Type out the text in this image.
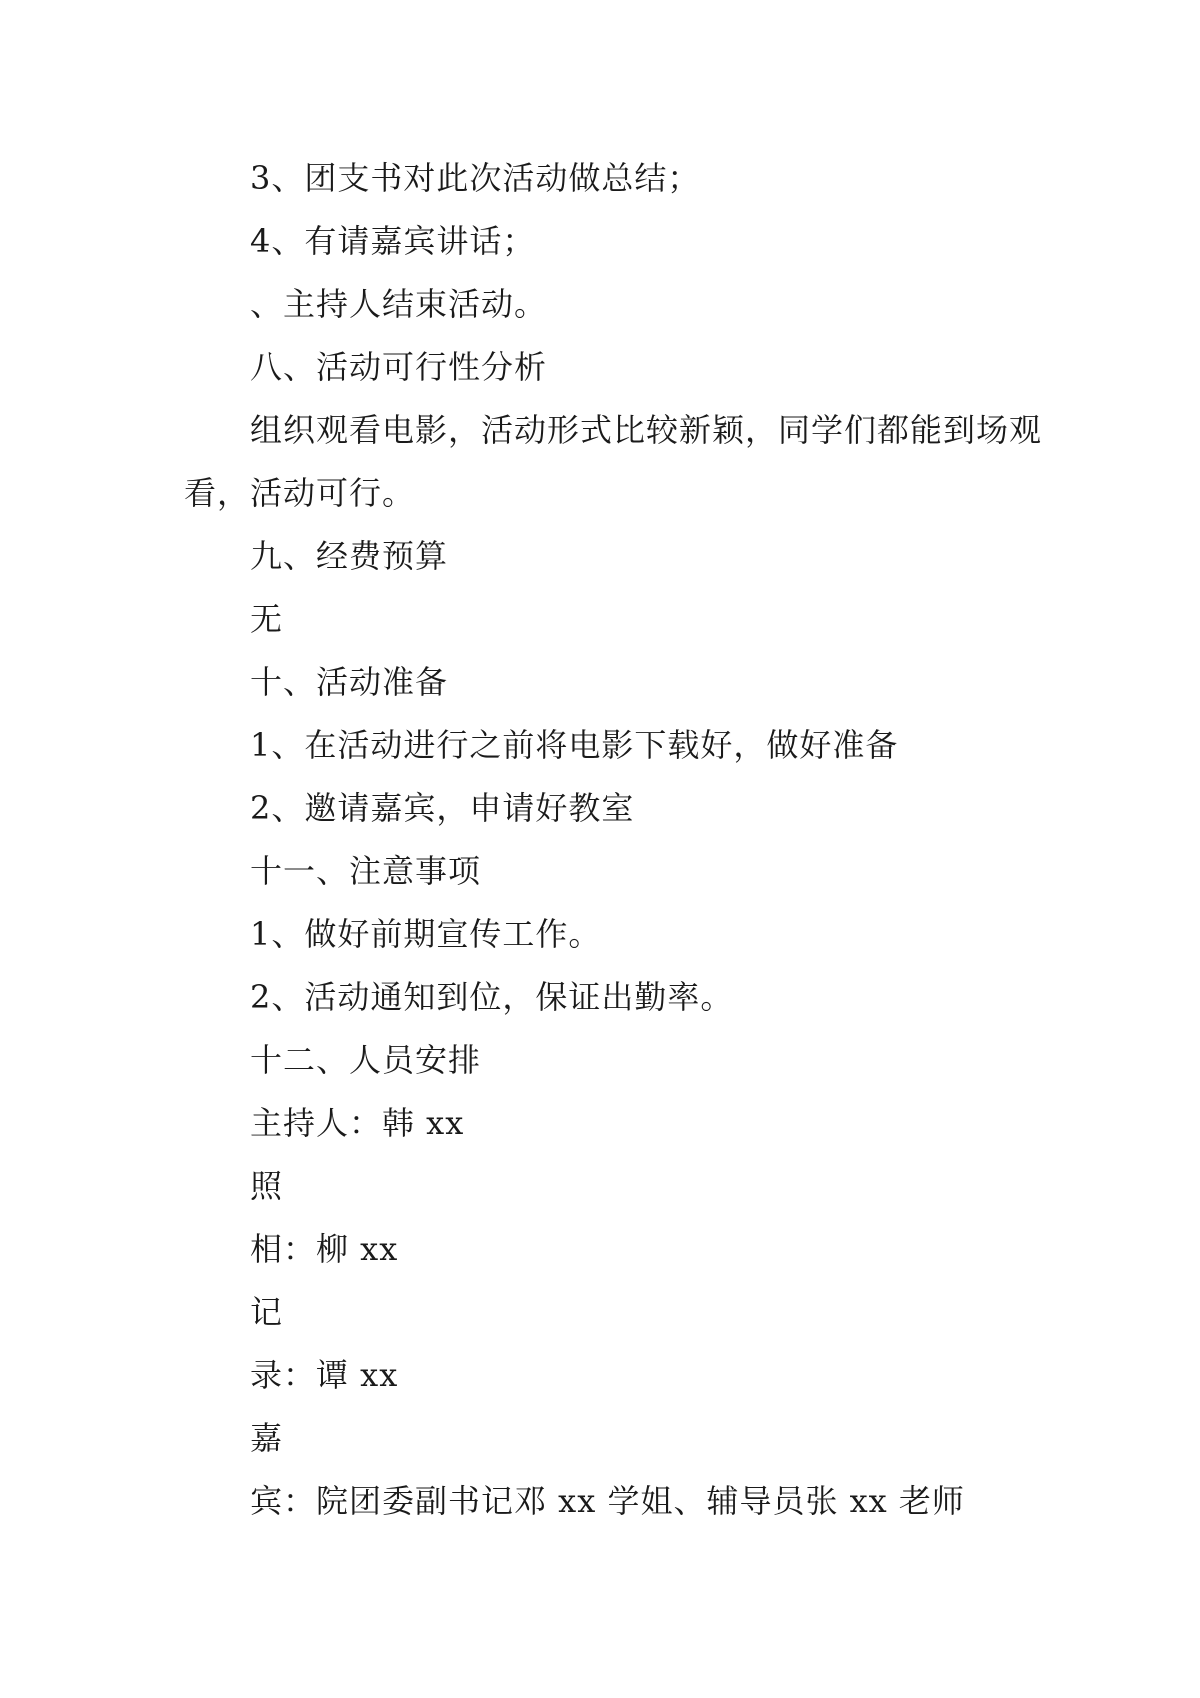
3、团支书对此次活动做总结；
4、有请嘉宾讲话；
、主持人结束活动。
八、活动可行性分析
组织观看电影，活动形式比较新颖，同学们都能到场观
看，活动可行。
九、经费预算
无
十、活动准备
1、在活动进行之前将电影下载好，做好准备
2、邀请嘉宾，申请好教室
十一、注意事项
1、做好前期宣传工作。
2、活动通知到位，保证出勤率。
十二、人员安排
主持人：韩 xx
照
相：柳 xx
记
录：谭 xx
嘉
宾：院团委副书记邓 xx 学姐、辅导员张 xx 老师
